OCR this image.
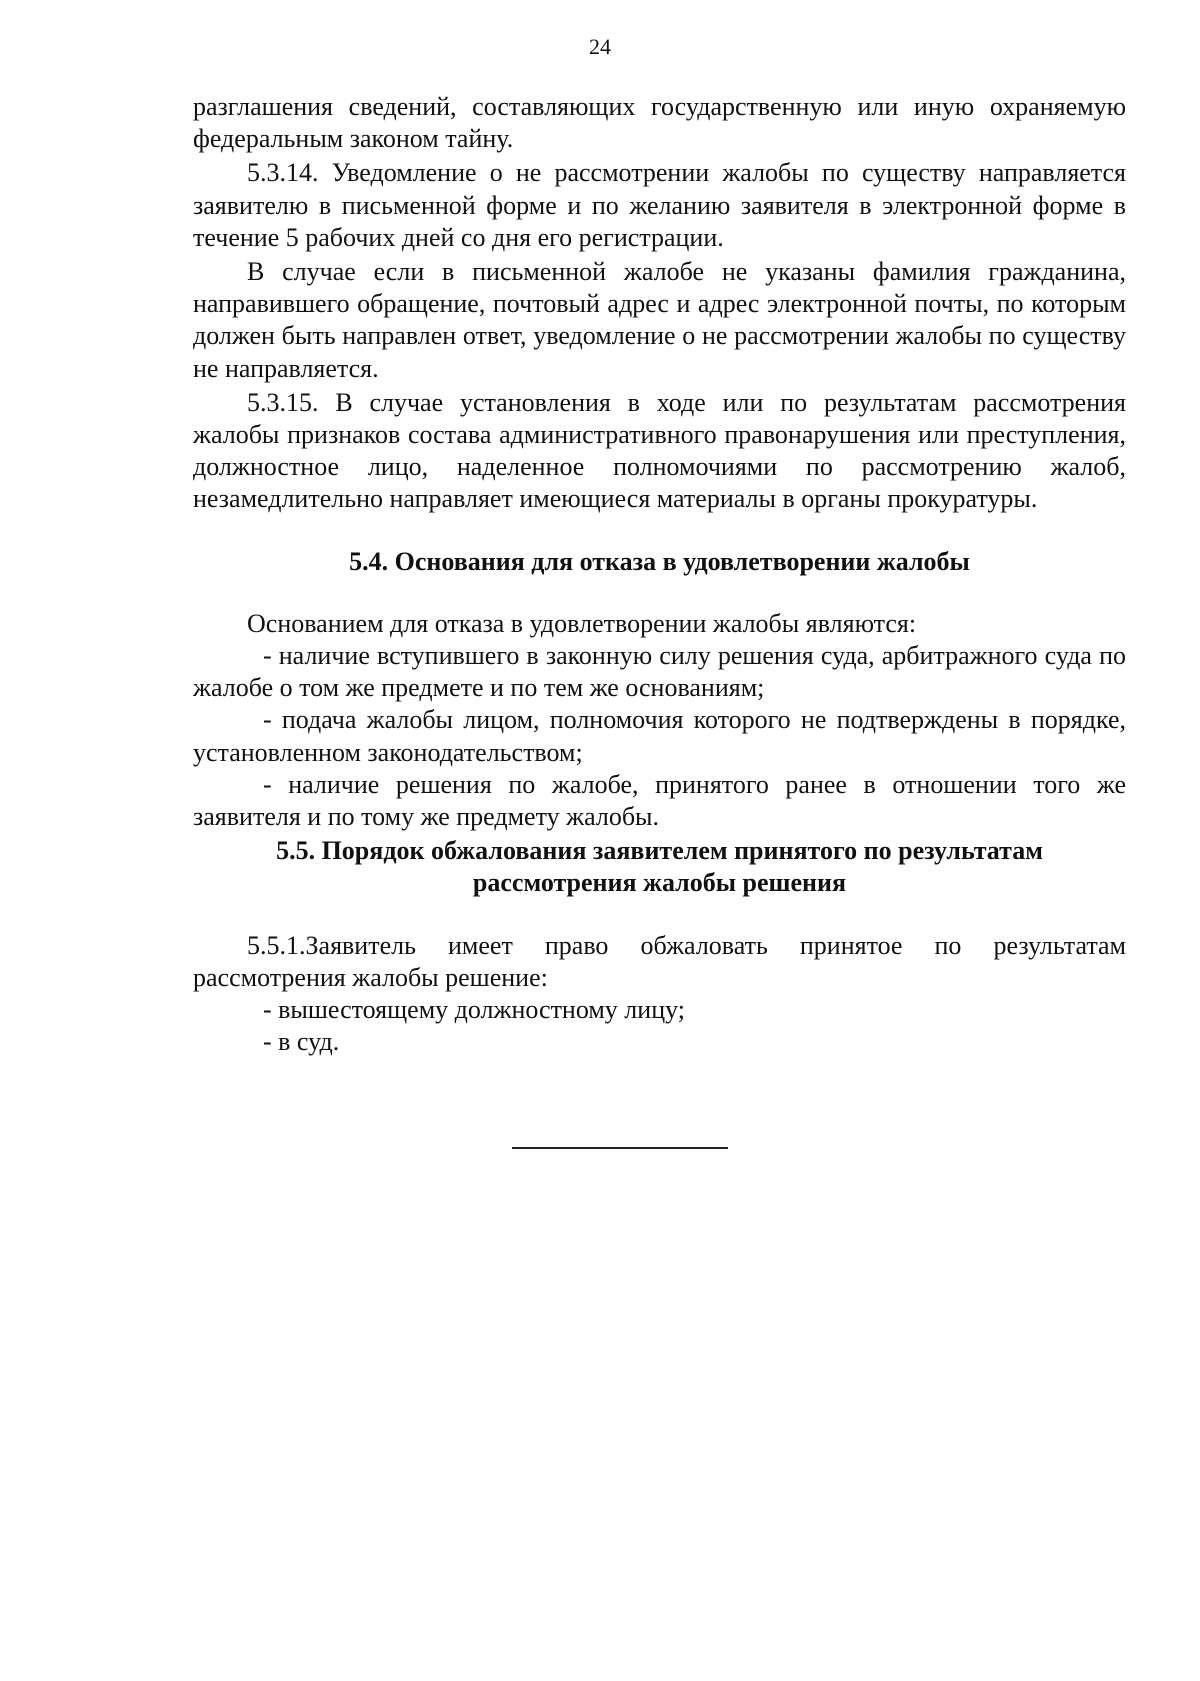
24

разглашения сведений, составляющих государственную или иную охраняемую федеральным законом тайну.

5.3.14. Уведомление о не рассмотрении жалобы по существу направляется заявителю в письменной форме и по желанию заявителя в электронной форме в течение 5 рабочих дней со дня его регистрации.

В случае если в письменной жалобе не указаны фамилия гражданина, направившего обращение, почтовый адрес и адрес электронной почты, по которым должен быть направлен ответ, уведомление о не рассмотрении жалобы по существу не направляется.

5.3.15. В случае установления в ходе или по результатам рассмотрения жалобы признаков состава административного правонарушения или преступления, должностное лицо, наделенное полномочиями по рассмотрению жалоб, незамедлительно направляет имеющиеся материалы в органы прокуратуры.

5.4. Основания для отказа в удовлетворении жалобы

Основанием для отказа в удовлетворении жалобы являются:

- наличие вступившего в законную силу решения суда, арбитражного суда по жалобе о том же предмете и по тем же основаниям;

- подача жалобы лицом, полномочия которого не подтверждены в порядке, установленном законодательством;

- наличие решения по жалобе, принятого ранее в отношении того же заявителя и по тому же предмету жалобы.

5.5. Порядок обжалования заявителем принятого по результатам

рассмотрения жалобы решения

5.5.1.Заявитель имеет право обжаловать принятое по результатам рассмотрения жалобы решение:

- вышестоящему должностному лицу;

- в суд.
